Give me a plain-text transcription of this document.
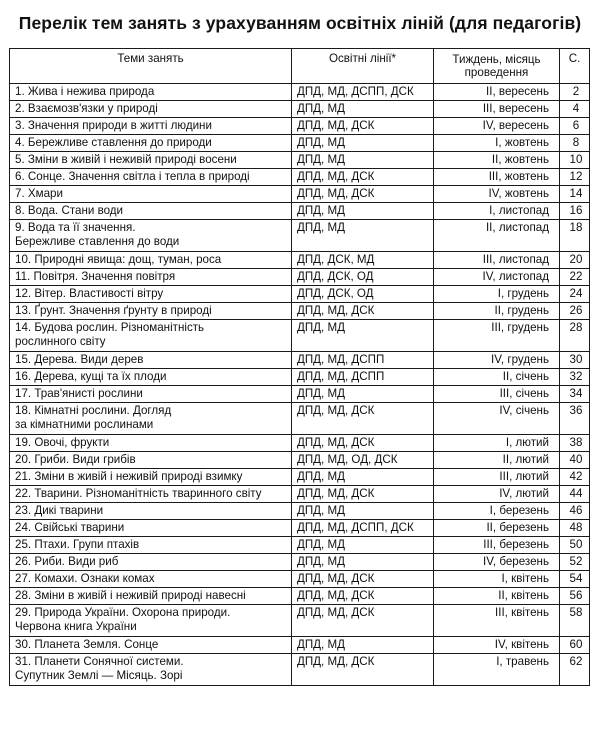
Перелік тем занять з урахуванням освітніх ліній (для педагогів)
Теми занять	Освітні лінії*	Тиждень, місяць проведення	С.

1. Жива і нежива природа	ДПД, МД, ДСПП, ДСК	II, вересень	2

2. Взаємозв'язки у природі	ДПД, МД	III, вересень	4

3. Значення природи в житті людини	ДПД, МД, ДСК	IV, вересень	6

4. Бережливе ставлення до природи	ДПД, МД	I, жовтень	8

5. Зміни в живій і неживій природі восени	ДПД, МД	II, жовтень	10

6. Сонце. Значення світла і тепла в природі	ДПД, МД, ДСК	III, жовтень	12

7. Хмари	ДПД, МД, ДСК	IV, жовтень	14

8. Вода. Стани води	ДПД, МД	I, листопад	16

9. Вода та її значення.
Бережливе ставлення до води	ДПД, МД	II, листопад	18

10. Природні явища: дощ, туман, роса	ДПД, ДСК, МД	III, листопад	20

11. Повітря. Значення повітря	ДПД, ДСК, ОД	IV, листопад	22

12. Вітер. Властивості вітру	ДПД, ДСК, ОД	I, грудень	24

13. Ґрунт. Значення ґрунту в природі	ДПД, МД, ДСК	II, грудень	26

14. Будова рослин. Різноманітність
рослинного світу	ДПД, МД	III, грудень	28

15. Дерева. Види дерев	ДПД, МД, ДСПП	IV, грудень	30

16. Дерева, кущі та їх плоди	ДПД, МД, ДСПП	II, січень	32

17. Трав'янисті рослини	ДПД, МД	III, січень	34

18. Кімнатні рослини. Догляд
за кімнатними рослинами	ДПД, МД, ДСК	IV, січень	36

19. Овочі, фрукти	ДПД, МД, ДСК	I, лютий	38

20. Гриби. Види грибів	ДПД, МД, ОД, ДСК	II, лютий	40

21. Зміни в живій і неживій природі взимку	ДПД, МД	III, лютий	42

22. Тварини. Різноманітність тваринного світу	ДПД, МД, ДСК	IV, лютий	44

23. Дикі тварини	ДПД, МД	I, березень	46

24. Свійські тварини	ДПД, МД, ДСПП, ДСК	II, березень	48

25. Птахи. Групи птахів	ДПД, МД	III, березень	50

26. Риби. Види риб	ДПД, МД	IV, березень	52

27. Комахи. Ознаки комах	ДПД, МД, ДСК	I, квітень	54

28. Зміни в живій і неживій природі навесні	ДПД, МД, ДСК	II, квітень	56

29. Природа України. Охорона природи.
Червона книга України	ДПД, МД, ДСК	III, квітень	58

30. Планета Земля. Сонце	ДПД, МД	IV, квітень	60

31. Планети Сонячної системи.
Супутник Землі — Місяць. Зорі	ДПД, МД, ДСК	I, травень	62
